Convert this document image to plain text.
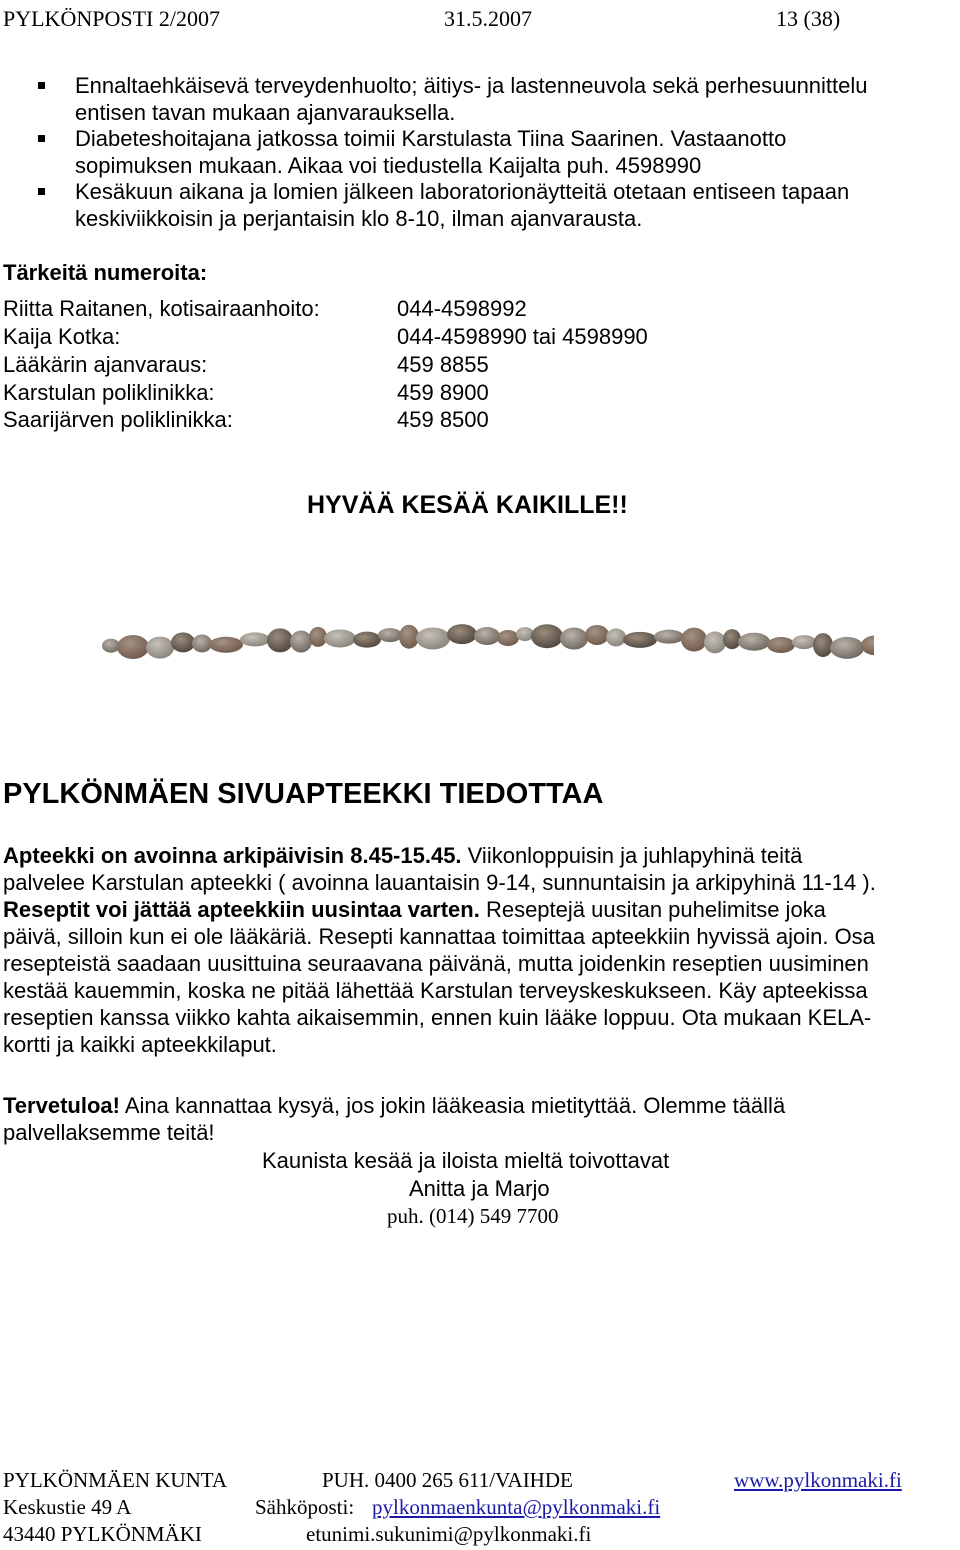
PYLKÖNPOSTI 2/2007	31.5.2007	13 (38)
Ennaltaehkäisevä terveydenhuolto; äitiys- ja lastenneuvola sekä perhesuunnittelu
entisen tavan mukaan ajanvarauksella.
Diabeteshoitajana jatkossa toimii Karstulasta Tiina Saarinen. Vastaanotto
sopimuksen mukaan. Aikaa voi tiedustella Kaijalta puh. 4598990
Kesäkuun aikana ja lomien jälkeen laboratorionäytteitä otetaan entiseen tapaan
keskiviikkoisin ja perjantaisin klo 8-10, ilman ajanvarausta.
Tärkeitä numeroita:
Riitta Raitanen, kotisairaanhoito:	044-4598992
Kaija Kotka:	044-4598990 tai 4598990
Lääkärin ajanvaraus:	459 8855
Karstulan poliklinikka:	459 8900
Saarijärven poliklinikka:	459 8500
HYVÄÄ KESÄÄ KAIKILLE!!
PYLKÖNMÄEN SIVUAPTEEKKI TIEDOTTAA
Apteekki on avoinna arkipäivisin 8.45-15.45. Viikonloppuisin ja juhlapyhinä teitä
palvelee Karstulan apteekki ( avoinna lauantaisin 9-14, sunnuntaisin ja arkipyhinä 11-14 ).
Reseptit voi jättää apteekkiin uusintaa varten. Reseptejä uusitan puhelimitse joka
päivä, silloin kun ei ole lääkäriä. Resepti kannattaa toimittaa apteekkiin hyvissä ajoin. Osa
resepteistä saadaan uusittuina seuraavana päivänä, mutta joidenkin reseptien uusiminen
kestää kauemmin, koska ne pitää lähettää Karstulan terveyskeskukseen. Käy apteekissa
reseptien kanssa viikko kahta aikaisemmin, ennen kuin lääke loppuu. Ota mukaan KELA-
kortti ja kaikki apteekkilaput.
Tervetuloa! Aina kannattaa kysyä, jos jokin lääkeasia mietityttää. Olemme täällä
palvellaksemme teitä!
Kaunista kesää ja iloista mieltä toivottavat
Anitta ja Marjo
puh. (014) 549 7700
PYLKÖNMÄEN KUNTA	PUH. 0400 265 611/VAIHDE	www.pylkonmaki.fi
Keskustie 49 A	Sähköposti: pylkonmaenkunta@pylkonmaki.fi
43440 PYLKÖNMÄKI	etunimi.sukunimi@pylkonmaki.fi
